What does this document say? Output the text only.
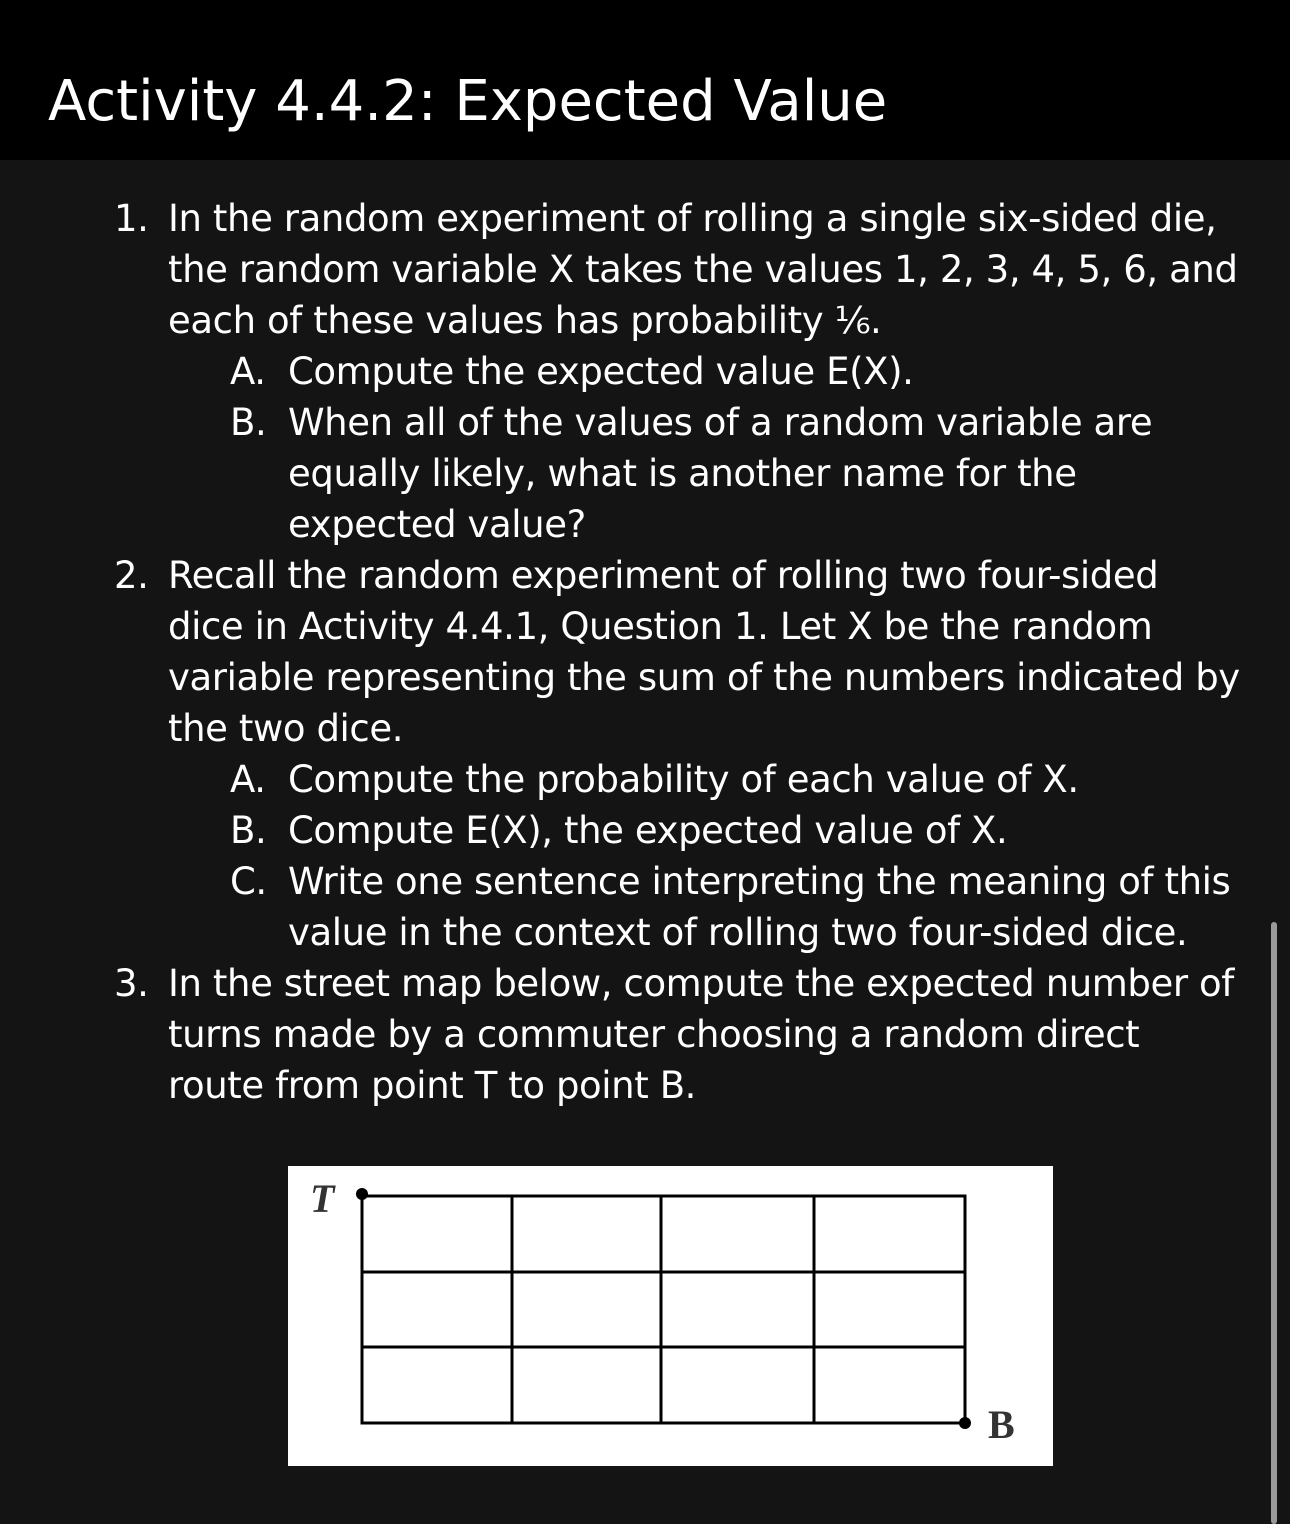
Activity 4.4.2: Expected Value
1. In the random experiment of rolling a single six-sided die, the random variable X takes the values 1, 2, 3, 4, 5, 6, and each of these values has probability ⅙.
A. Compute the expected value E(X).
B. When all of the values of a random variable are equally likely, what is another name for the expected value?
2. Recall the random experiment of rolling two four-sided dice in Activity 4.4.1, Question 1. Let X be the random variable representing the sum of the numbers indicated by the two dice.
A. Compute the probability of each value of X.
B. Compute E(X), the expected value of X.
C. Write one sentence interpreting the meaning of this value in the context of rolling two four-sided dice.
3. In the street map below, compute the expected number of turns made by a commuter choosing a random direct route from point T to point B.
T
B
